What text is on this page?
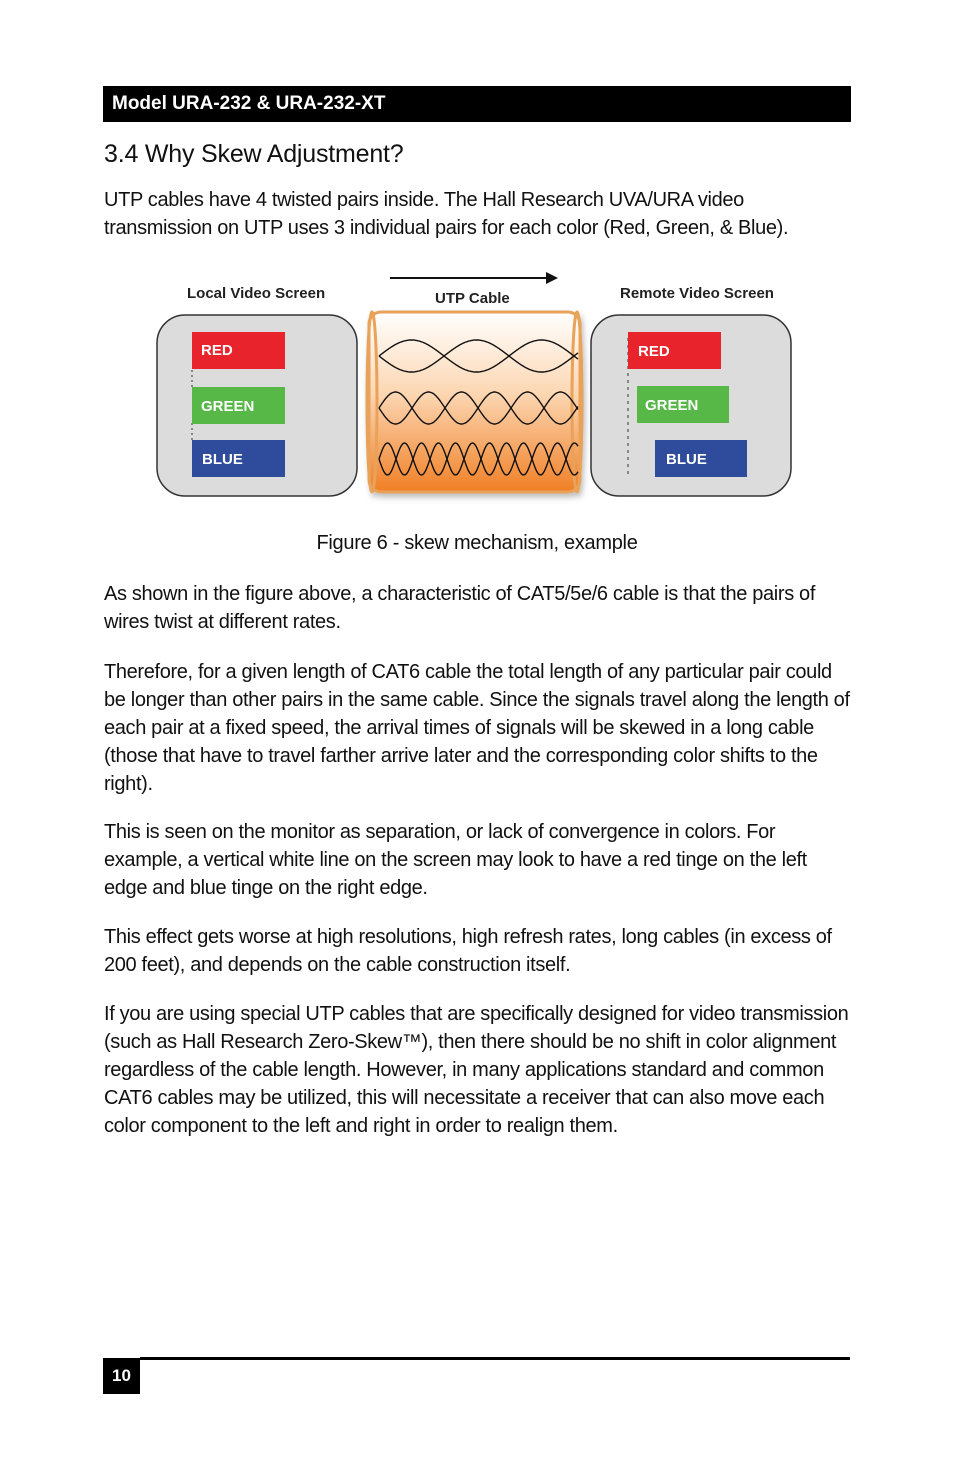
Model URA-232 & URA-232-XT
3.4 Why Skew Adjustment?

UTP cables have 4 twisted pairs inside. The Hall Research UVA/URA video transmission on UTP uses 3 individual pairs for each color (Red, Green, & Blue).

Local Video Screen	UTP Cable	Remote Video Screen
RED
GREEN
BLUE
RED
GREEN
BLUE

Figure 6 - skew mechanism, example

As shown in the figure above, a characteristic of CAT5/5e/6 cable is that the pairs of wires twist at different rates.

Therefore, for a given length of CAT6 cable the total length of any particular pair could be longer than other pairs in the same cable. Since the signals travel along the length of each pair at a fixed speed, the arrival times of signals will be skewed in a long cable (those that have to travel farther arrive later and the corresponding color shifts to the right).

This is seen on the monitor as separation, or lack of convergence in colors. For example, a vertical white line on the screen may look to have a red tinge on the left edge and blue tinge on the right edge.

This effect gets worse at high resolutions, high refresh rates, long cables (in excess of 200 feet), and depends on the cable construction itself.

If you are using special UTP cables that are specifically designed for video transmission (such as Hall Research Zero-Skew™), then there should be no shift in color alignment regardless of the cable length. However, in many applications standard and common CAT6 cables may be utilized, this will necessitate a receiver that can also move each color component to the left and right in order to realign them.

10
